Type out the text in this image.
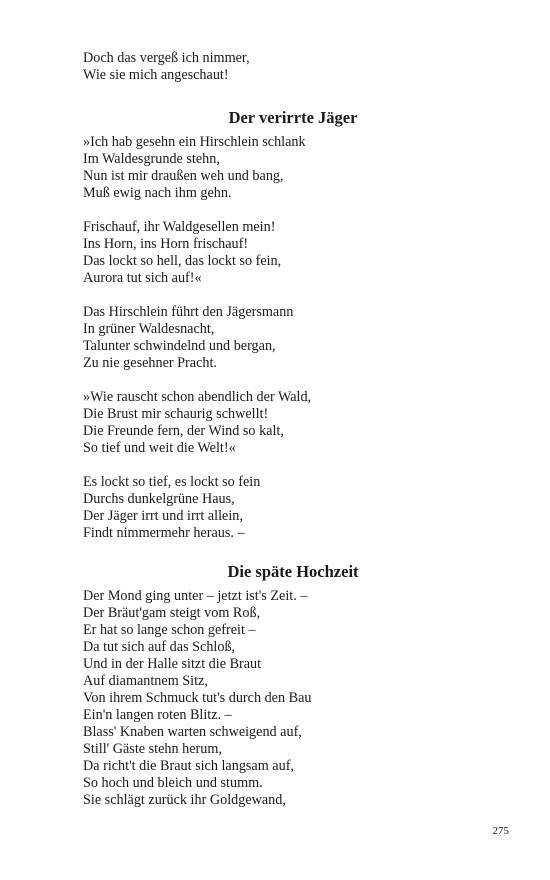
Doch das vergeß ich nimmer,
Wie sie mich angeschaut!
Der verirrte Jäger
»Ich hab gesehn ein Hirschlein schlank
Im Waldesgrunde stehn,
Nun ist mir draußen weh und bang,
Muß ewig nach ihm gehn.
Frischauf, ihr Waldgesellen mein!
Ins Horn, ins Horn frischauf!
Das lockt so hell, das lockt so fein,
Aurora tut sich auf!«
Das Hirschlein führt den Jägersmann
In grüner Waldesnacht,
Talunter schwindelnd und bergan,
Zu nie gesehner Pracht.
»Wie rauscht schon abendlich der Wald,
Die Brust mir schaurig schwellt!
Die Freunde fern, der Wind so kalt,
So tief und weit die Welt!«
Es lockt so tief, es lockt so fein
Durchs dunkelgrüne Haus,
Der Jäger irrt und irrt allein,
Findt nimmermehr heraus. –
Die späte Hochzeit
Der Mond ging unter – jetzt ist's Zeit. –
Der Bräut'gam steigt vom Roß,
Er hat so lange schon gefreit –
Da tut sich auf das Schloß,
Und in der Halle sitzt die Braut
Auf diamantnem Sitz,
Von ihrem Schmuck tut's durch den Bau
Ein'n langen roten Blitz. –
Blass' Knaben warten schweigend auf,
Still' Gäste stehn herum,
Da richt't die Braut sich langsam auf,
So hoch und bleich und stumm.
Sie schlägt zurück ihr Goldgewand,
275
